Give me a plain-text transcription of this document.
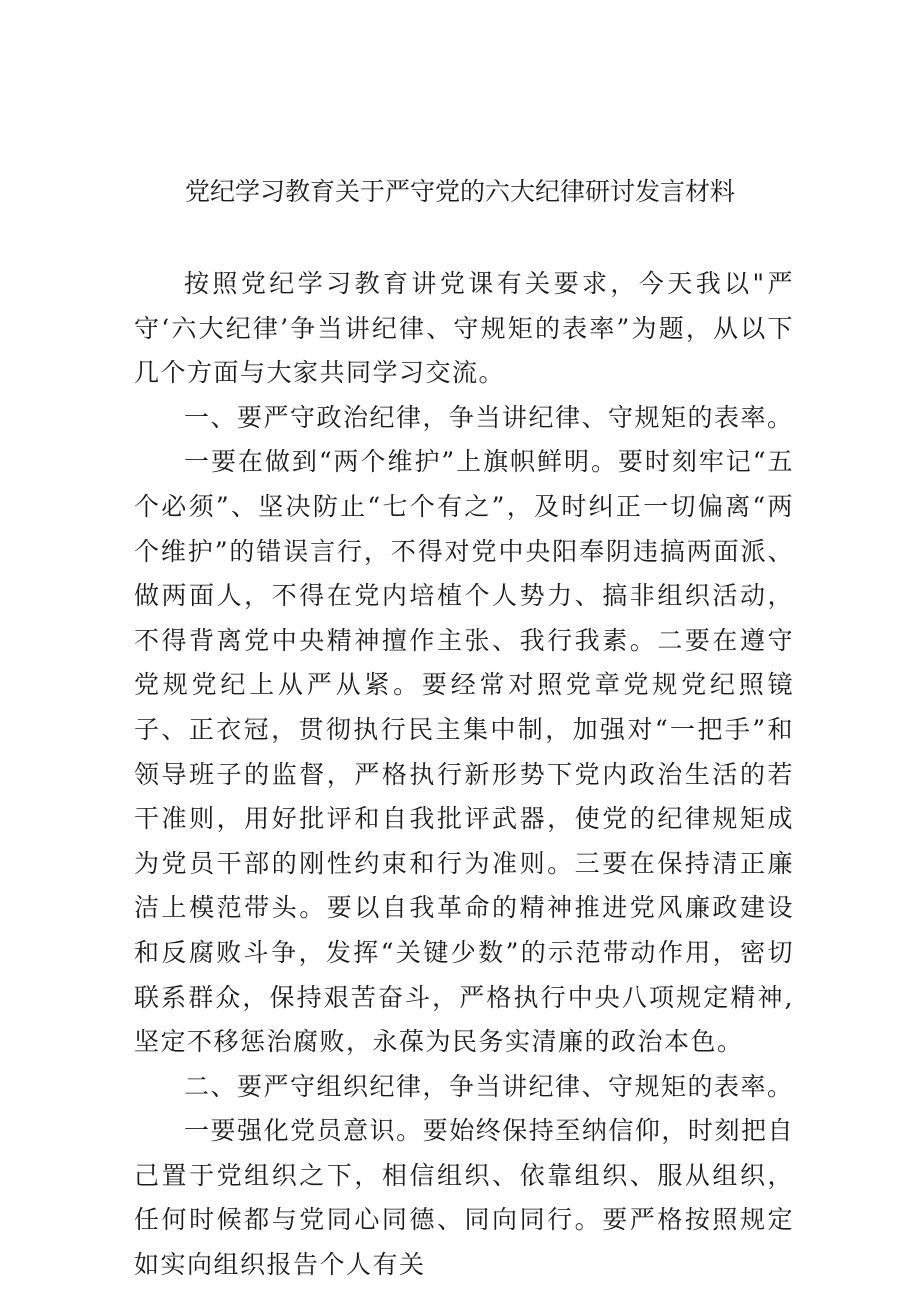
党纪学习教育关于严守党的六大纪律研讨发言材料

按照党纪学习教育讲党课有关要求，今天我以"严守‘六大纪律’争当讲纪律、守规矩的表率”为题，从以下几个方面与大家共同学习交流。

一、要严守政治纪律，争当讲纪律、守规矩的表率。

一要在做到“两个维护”上旗帜鲜明。要时刻牢记“五个必须”、坚决防止“七个有之”，及时纠正一切偏离“两个维护”的错误言行，不得对党中央阳奉阴违搞两面派、做两面人，不得在党内培植个人势力、搞非组织活动，不得背离党中央精神擅作主张、我行我素。二要在遵守党规党纪上从严从紧。要经常对照党章党规党纪照镜子、正衣冠，贯彻执行民主集中制，加强对“一把手”和领导班子的监督，严格执行新形势下党内政治生活的若干准则，用好批评和自我批评武器，使党的纪律规矩成为党员干部的刚性约束和行为准则。三要在保持清正廉洁上模范带头。要以自我革命的精神推进党风廉政建设和反腐败斗争，发挥“关键少数”的示范带动作用，密切联系群众，保持艰苦奋斗，严格执行中央八项规定精神,坚定不移惩治腐败，永葆为民务实清廉的政治本色。

二、要严守组织纪律，争当讲纪律、守规矩的表率。

一要强化党员意识。要始终保持至纳信仰，时刻把自己置于党组织之下，相信组织、依靠组织、服从组织，任何时候都与党同心同德、同向同行。要严格按照规定如实向组织报告个人有关
